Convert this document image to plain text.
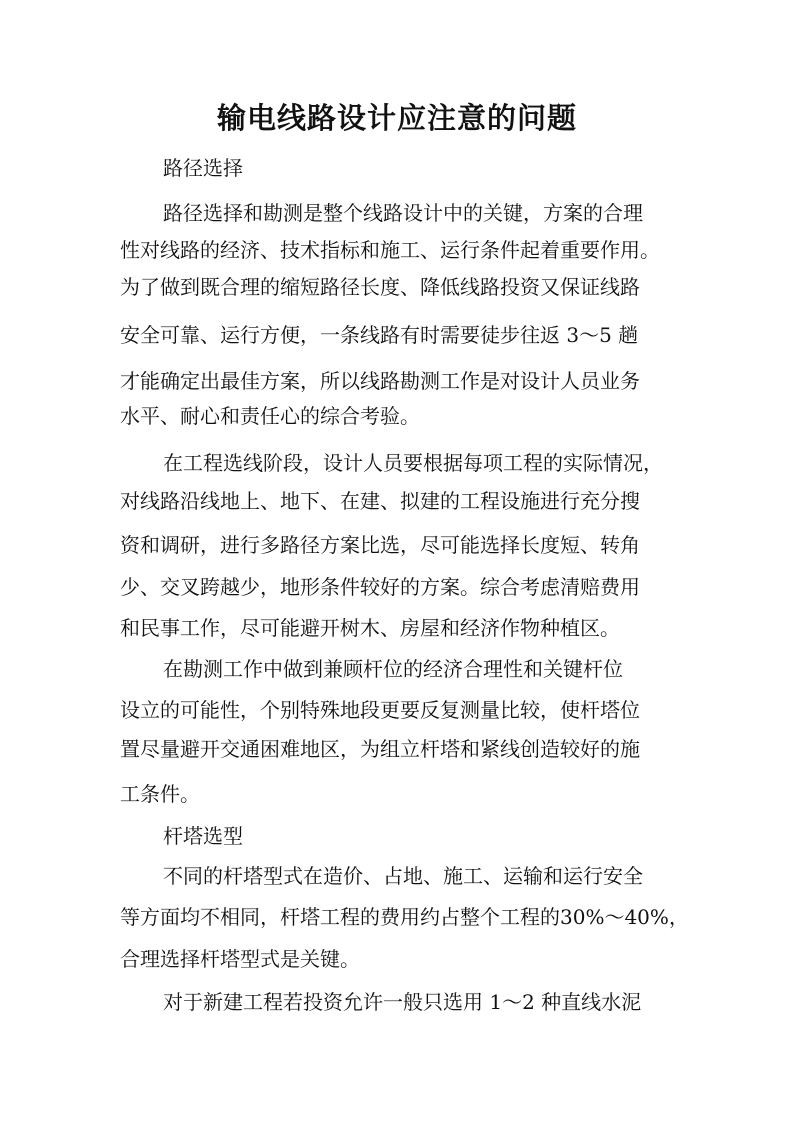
输电线路设计应注意的问题
路径选择
路径选择和勘测是整个线路设计中的关键，方案的合理
性对线路的经济、技术指标和施工、运行条件起着重要作用。
为了做到既合理的缩短路径长度、降低线路投资又保证线路
安全可靠、运行方便，一条线路有时需要徒步往返 3～5 趟
才能确定出最佳方案，所以线路勘测工作是对设计人员业务
水平、耐心和责任心的综合考验。
在工程选线阶段，设计人员要根据每项工程的实际情况，
对线路沿线地上、地下、在建、拟建的工程设施进行充分搜
资和调研，进行多路径方案比选，尽可能选择长度短、转角
少、交叉跨越少，地形条件较好的方案。综合考虑清赔费用
和民事工作，尽可能避开树木、房屋和经济作物种植区。
在勘测工作中做到兼顾杆位的经济合理性和关键杆位
设立的可能性，个别特殊地段更要反复测量比较，使杆塔位
置尽量避开交通困难地区，为组立杆塔和紧线创造较好的施
工条件。
杆塔选型
不同的杆塔型式在造价、占地、施工、运输和运行安全
等方面均不相同，杆塔工程的费用约占整个工程的30%～40%，
合理选择杆塔型式是关键。
对于新建工程若投资允许一般只选用 1～2 种直线水泥
